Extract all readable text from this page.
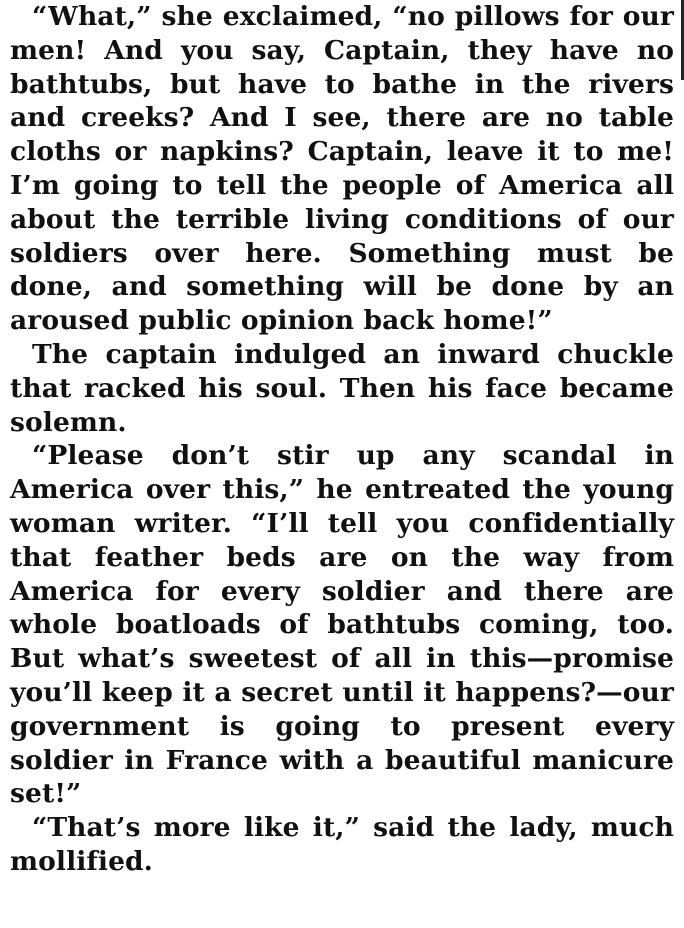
“What,” she exclaimed, “no pillows for our men! And you say, Captain, they have no bathtubs, but have to bathe in the rivers and creeks? And I see, there are no table cloths or napkins? Captain, leave it to me! I’m going to tell the people of America all about the terrible living conditions of our soldiers over here. Something must be done, and something will be done by an aroused public opinion back home!”

The captain indulged an inward chuckle that racked his soul. Then his face became solemn.

“Please don’t stir up any scandal in America over this,” he entreated the young woman writer. “I’ll tell you confidentially that feather beds are on the way from America for every soldier and there are whole boatloads of bathtubs coming, too. But what’s sweetest of all in this—promise you’ll keep it a secret until it happens?—our government is going to present every soldier in France with a beautiful manicure set!”

“That’s more like it,” said the lady, much mollified.
